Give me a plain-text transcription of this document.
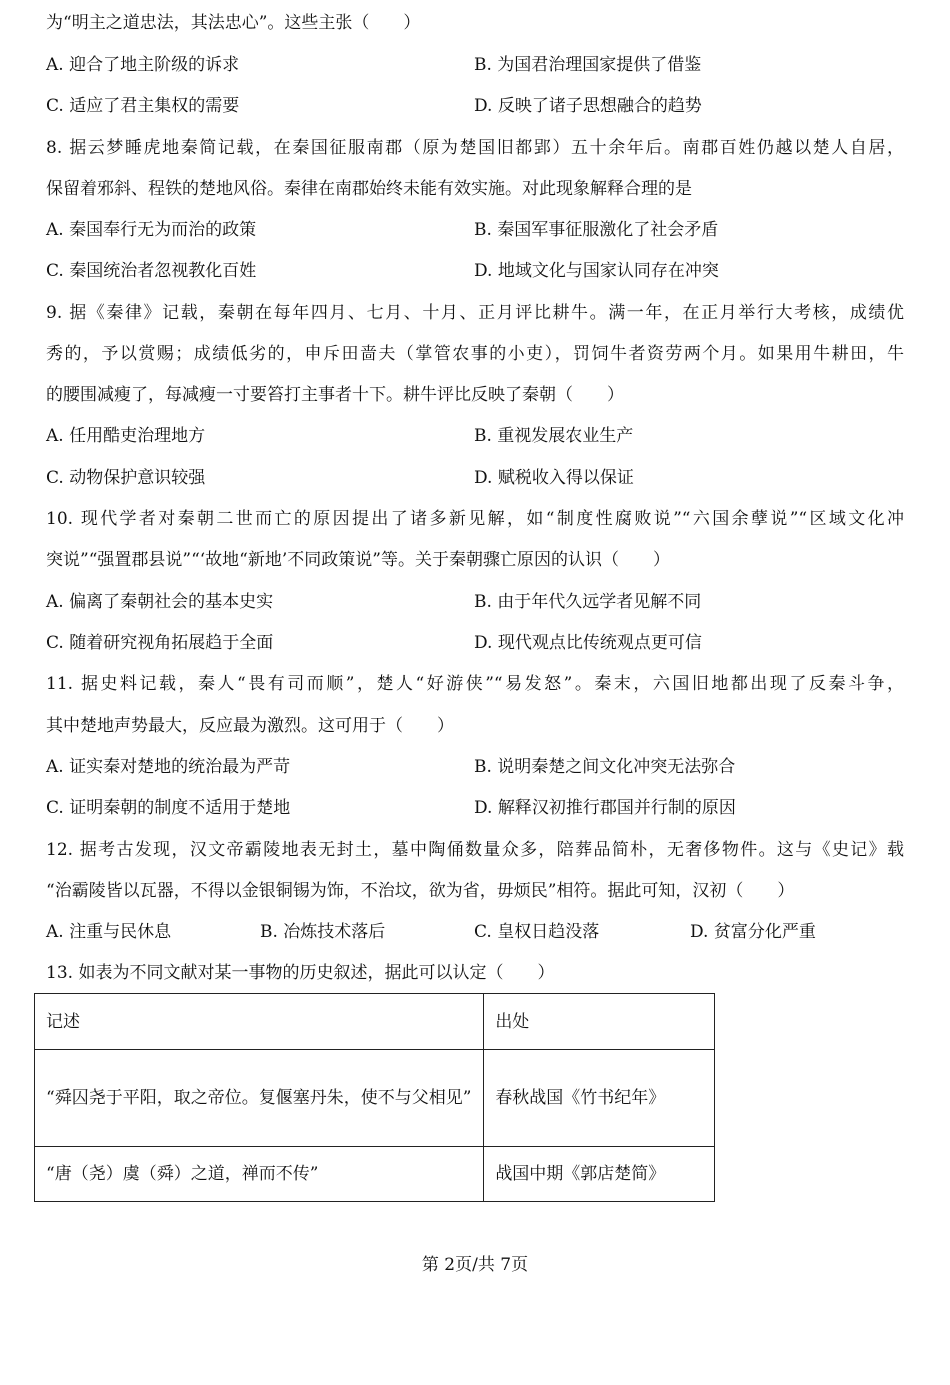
为“明主之道忠法，其法忠心”。这些主张（　　）
A. 迎合了地主阶级的诉求	B. 为国君治理国家提供了借鉴
C. 适应了君主集权的需要	D. 反映了诸子思想融合的趋势
8. 据云梦睡虎地秦简记载，在秦国征服南郡（原为楚国旧都郢）五十余年后。南郡百姓仍越以楚人自居，
保留着邪斜、程铁的楚地风俗。秦律在南郡始终未能有效实施。对此现象解释合理的是
A. 秦国奉行无为而治的政策	B. 秦国军事征服激化了社会矛盾
C. 秦国统治者忽视教化百姓	D. 地域文化与国家认同存在冲突
9. 据《秦律》记载，秦朝在每年四月、七月、十月、正月评比耕牛。满一年，在正月举行大考核，成绩优
秀的，予以赏赐；成绩低劣的，申斥田啬夫（掌管农事的小吏），罚饲牛者资劳两个月。如果用牛耕田，牛
的腰围减瘦了，每减瘦一寸要笞打主事者十下。耕牛评比反映了秦朝（　　）
A. 任用酷吏治理地方	B. 重视发展农业生产
C. 动物保护意识较强	D. 赋税收入得以保证
10. 现代学者对秦朝二世而亡的原因提出了诸多新见解，如“制度性腐败说”“六国余孽说”“区域文化冲
突说”“强置郡县说”“‘故地“新地’不同政策说”等。关于秦朝骤亡原因的认识（　　）
A. 偏离了秦朝社会的基本史实	B. 由于年代久远学者见解不同
C. 随着研究视角拓展趋于全面	D. 现代观点比传统观点更可信
11. 据史料记载，秦人“畏有司而顺”，楚人“好游侠”“易发怒”。秦末，六国旧地都出现了反秦斗争，
其中楚地声势最大，反应最为激烈。这可用于（　　）
A. 证实秦对楚地的统治最为严苛	B. 说明秦楚之间文化冲突无法弥合
C. 证明秦朝的制度不适用于楚地	D. 解释汉初推行郡国并行制的原因
12. 据考古发现，汉文帝霸陵地表无封土，墓中陶俑数量众多，陪葬品简朴，无奢侈物件。这与《史记》载
“治霸陵皆以瓦器，不得以金银铜锡为饰，不治坟，欲为省，毋烦民”相符。据此可知，汉初（　　）
A. 注重与民休息	B. 冶炼技术落后	C. 皇权日趋没落	D. 贫富分化严重
13. 如表为不同文献对某一事物的历史叙述，据此可以认定（　　）
记述	出处
“舜囚尧于平阳，取之帝位。复偃塞丹朱，使不与父相见”	春秋战国《竹书纪年》
“唐（尧）虞（舜）之道，禅而不传”	战国中期《郭店楚简》
第 2页/共 7页
